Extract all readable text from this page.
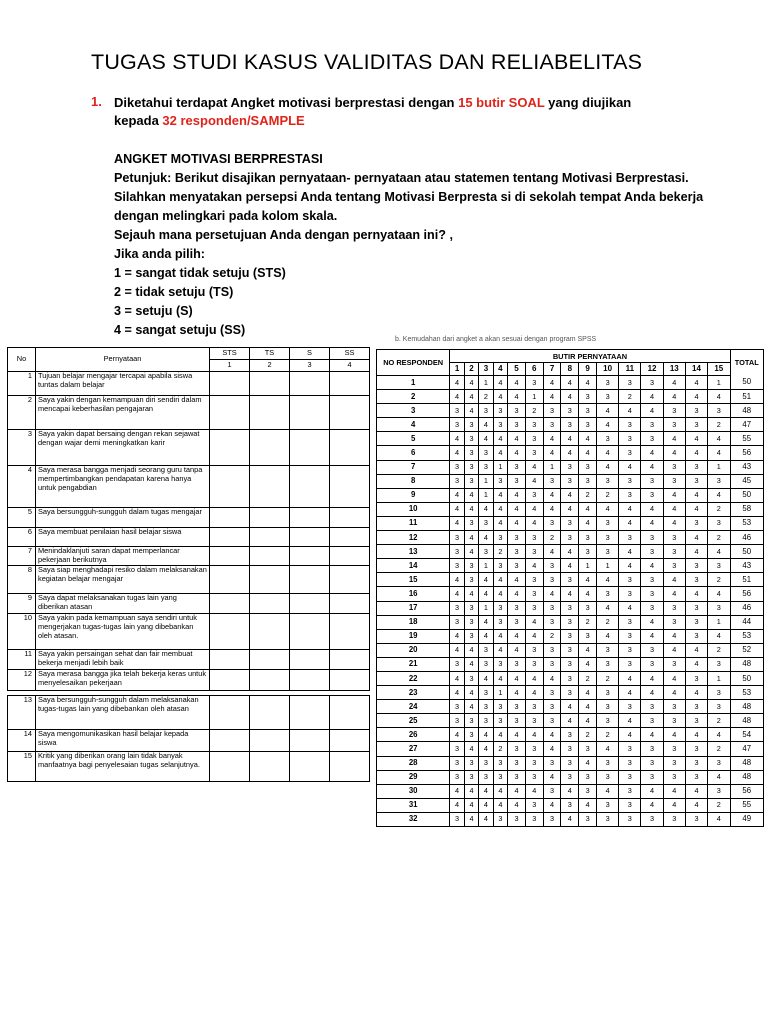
TUGAS STUDI KASUS VALIDITAS DAN RELIABELITAS
1. Diketahui terdapat Angket motivasi berprestasi dengan 15 butir SOAL yang diujikan kepada 32 responden/SAMPLE
ANGKET MOTIVASI BERPRESTASI
Petunjuk: Berikut disajikan pernyataan- pernyataan atau statemen tentang Motivasi Berprestasi.
Silahkan menyatakan persepsi Anda tentang Motivasi Berpresta si di sekolah tempat Anda bekerja
dengan melingkari pada kolom skala.
Sejauh mana persetujuan Anda dengan pernyataan ini? ,
Jika anda pilih:
1 = sangat tidak setuju (STS)
2 = tidak setuju (TS)
3 = setuju (S)
4 = sangat setuju (SS)
b. Kemudahan dari angket a akan sesuai dengan program SPSS
No	Pernyataan	STS	TS	S	SS
		1	2	3	4
1	Tujuan belajar mengajar tercapai apabila siswa tuntas dalam belajar				
2	Saya yakin dengan kemampuan diri sendiri dalam mencapai keberhasilan pengajaran				
3	Saya yakin dapat bersaing dengan rekan sejawat dengan wajar demi meningkatkan karir				
4	Saya merasa bangga menjadi seorang guru tanpa mempertimbangkan pendapatan karena hanya untuk pengabdian				
5	Saya bersungguh-sungguh dalam tugas mengajar				
6	Saya membuat penilaian hasil belajar siswa				
7	Menindaklanjuti saran dapat memperlancar pekerjaan berikutnya				
8	Saya siap menghadapi resiko dalam melaksanakan kegiatan belajar mengajar				
9	Saya dapat melaksanakan tugas lain yang diberikan atasan				
10	Saya yakin pada kemampuan saya sendiri untuk mengerjakan tugas-tugas lain yang dibebankan oleh atasan.				
11	Saya yakin persaingan sehat dan fair membuat bekerja menjadi lebih baik				
12	Saya merasa bangga jika telah bekerja keras untuk menyelesaikan pekerjaan				

13	Saya bersungguh-sungguh dalam melaksanakan tugas-tugas lain yang dibebankan oleh atasan				
14	Saya mengomunikasikan hasil belajar kepada siswa				
15	Kritik yang diberikan orang lain tidak banyak manfaatnya bagi penyelesaian tugas selanjutnya.				
NO RESPONDEN	BUTIR PERNYATAAN															TOTAL
	1	2	3	4	5	6	7	8	9	10	11	12	13	14	15	
1	4	4	1	4	4	3	4	4	4	3	3	3	4	4	1	50
2	4	4	2	4	4	1	4	4	3	3	2	4	4	4	4	51
3	3	4	3	3	3	2	3	3	3	4	4	4	3	3	3	48
4	3	3	4	3	3	3	3	3	3	4	3	3	3	3	2	47
5	4	3	4	4	4	3	4	4	4	3	3	3	4	4	4	55
6	4	3	3	4	4	3	4	4	4	4	3	4	4	4	4	56
7	3	3	3	1	3	4	1	3	3	4	4	4	3	3	1	43
8	3	3	1	3	3	4	3	3	3	3	3	3	3	3	3	45
9	4	4	1	4	4	3	4	4	2	2	3	3	4	4	4	50
10	4	4	4	4	4	4	4	4	4	4	4	4	4	4	2	58
11	4	3	3	4	4	4	3	3	4	3	4	4	4	3	3	53
12	3	4	4	3	3	3	2	3	3	3	3	3	3	4	2	46
13	3	4	3	2	3	3	4	4	3	3	4	3	3	4	4	50
14	3	3	1	3	3	4	3	4	1	1	4	4	3	3	3	43
15	4	3	4	4	4	3	3	3	4	4	3	3	4	3	2	51
16	4	4	4	4	4	3	4	4	4	3	3	3	4	4	4	56
17	3	3	1	3	3	3	3	3	3	4	4	3	3	3	3	46
18	3	3	4	3	3	4	3	3	2	2	3	4	3	3	1	44
19	4	3	4	4	4	4	2	3	3	4	3	4	4	3	4	53
20	4	4	3	4	4	3	3	3	4	3	3	3	4	4	2	52
21	3	4	3	3	3	3	3	3	4	3	3	3	3	4	3	48
22	4	3	4	4	4	4	4	3	2	2	4	4	4	3	1	50
23	4	4	3	1	4	4	3	3	4	3	4	4	4	4	3	53
24	3	4	3	3	3	3	3	4	4	3	3	3	3	3	3	48
25	3	3	3	3	3	3	3	4	4	3	4	3	3	3	2	48
26	4	3	4	4	4	4	4	3	2	2	4	4	4	4	4	54
27	3	4	4	2	3	3	4	3	3	4	3	3	3	3	2	47
28	3	3	3	3	3	3	3	3	4	3	3	3	3	3	3	48
29	3	3	3	3	3	3	4	3	3	3	3	3	3	3	4	48
30	4	4	4	4	4	4	3	4	3	4	3	4	4	4	3	56
31	4	4	4	4	4	3	4	3	4	3	3	4	4	4	2	55
32	3	4	4	3	3	3	3	4	3	3	3	3	3	3	4	49
